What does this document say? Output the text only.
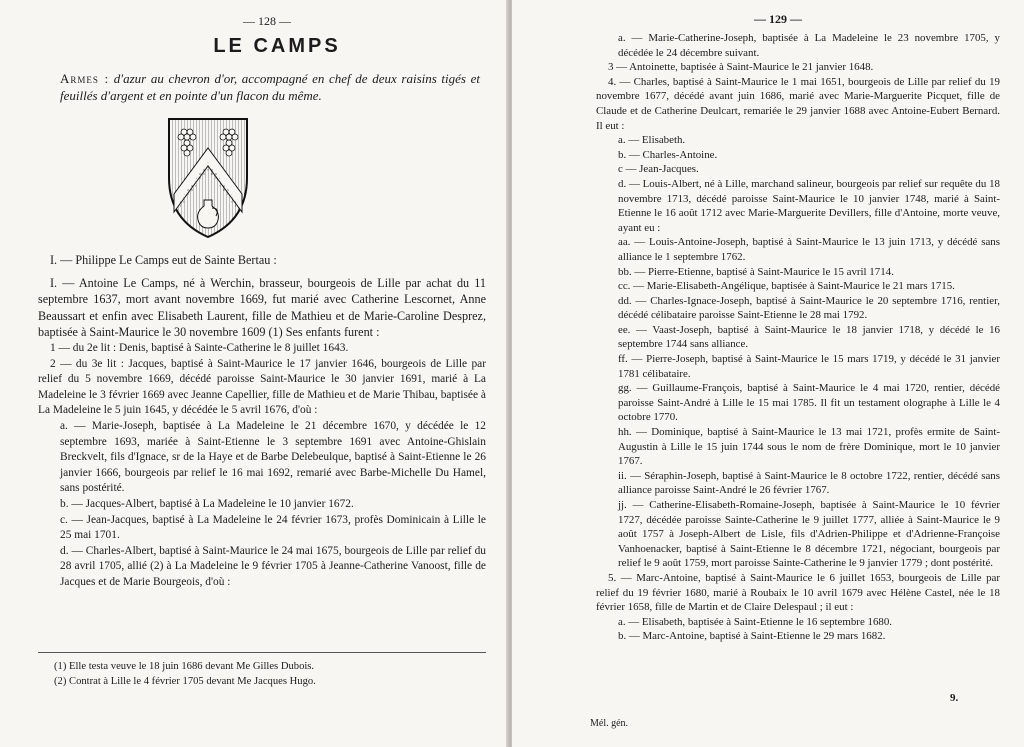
— 128 —

LE CAMPS

Armes : d'azur au chevron d'or, accompagné en chef de deux raisins tigés et feuillés d'argent et en pointe d'un flacon du même.

I. — Philippe Le Camps eut de Sainte Bertau :

I. — Antoine Le Camps, né à Werchin, brasseur, bourgeois de Lille par achat du 11 septembre 1637, mort avant novembre 1669, fut marié avec Catherine Lescornet, Anne Beaussart et enfin avec Elisabeth Laurent, fille de Mathieu et de Marie-Caroline Desprez, baptisée à Saint-Maurice le 30 novembre 1609 (1) Ses enfants furent :

1 — du 2e lit : Denis, baptisé à Sainte-Catherine le 8 juillet 1643.

2 — du 3e lit : Jacques, baptisé à Saint-Maurice le 17 janvier 1646, bourgeois de Lille par relief du 5 novembre 1669, décédé paroisse Saint-Maurice le 30 janvier 1691, marié à La Madeleine le 3 février 1669 avec Jeanne Capellier, fille de Mathieu et de Marie Thibau, baptisée à La Madeleine le 5 juin 1645, y décédée le 5 avril 1676, d'où :

a. — Marie-Joseph, baptisée à La Madeleine le 21 décembre 1670, y décédée le 12 septembre 1693, mariée à Saint-Etienne le 3 septembre 1691 avec Antoine-Ghislain Breckvelt, fils d'Ignace, sr de la Haye et de Barbe Delebeulque, baptisé à Saint-Etienne le 26 janvier 1666, bourgeois par relief le 16 mai 1692, remarié avec Barbe-Michelle Du Hamel, sans postérité.

b. — Jacques-Albert, baptisé à La Madeleine le 10 janvier 1672.

c. — Jean-Jacques, baptisé à La Madeleine le 24 février 1673, profès Dominicain à Lille le 25 mai 1701.

d. — Charles-Albert, baptisé à Saint-Maurice le 24 mai 1675, bourgeois de Lille par relief du 28 avril 1705, allié (2) à La Madeleine le 9 février 1705 à Jeanne-Catherine Vanoost, fille de Jacques et de Marie Bourgeois, d'où :

— 129 —

a. — Marie-Catherine-Joseph, baptisée à La Madeleine le 23 novembre 1705, y décédée le 24 décembre suivant.

3 — Antoinette, baptisée à Saint-Maurice le 21 janvier 1648.

4. — Charles, baptisé à Saint-Maurice le 1 mai 1651, bourgeois de Lille par relief du 19 novembre 1677, décédé avant juin 1686, marié avec Marie-Marguerite Picquet, fille de Claude et de Catherine Deulcart, remariée le 29 janvier 1688 avec Antoine-Eubert Bernard. Il eut :

a. — Elisabeth.

b. — Charles-Antoine.

c — Jean-Jacques.

d. — Louis-Albert, né à Lille, marchand salineur, bourgeois par relief sur requête du 18 novembre 1713, décédé paroisse Saint-Maurice le 10 janvier 1748, marié à Saint-Etienne le 16 août 1712 avec Marie-Marguerite Devillers, fille d'Antoine, morte veuve, ayant eu :

aa. — Louis-Antoine-Joseph, baptisé à Saint-Maurice le 13 juin 1713, y décédé sans alliance le 1 septembre 1762.

bb. — Pierre-Etienne, baptisé à Saint-Maurice le 15 avril 1714.

cc. — Marie-Elisabeth-Angélique, baptisée à Saint-Maurice le 21 mars 1715.

dd. — Charles-Ignace-Joseph, baptisé à Saint-Maurice le 20 septembre 1716, rentier, décédé célibataire paroisse Saint-Etienne le 28 mai 1792.

ee. — Vaast-Joseph, baptisé à Saint-Maurice le 18 janvier 1718, y décédé le 16 septembre 1744 sans alliance.

ff. — Pierre-Joseph, baptisé à Saint-Maurice le 15 mars 1719, y décédé le 31 janvier 1781 célibataire.

gg. — Guillaume-François, baptisé à Saint-Maurice le 4 mai 1720, rentier, décédé paroisse Saint-André à Lille le 15 mai 1785. Il fit un testament olographe à Lille le 4 octobre 1770.

hh. — Dominique, baptisé à Saint-Maurice le 13 mai 1721, profès ermite de Saint-Augustin à Lille le 15 juin 1744 sous le nom de frère Dominique, mort le 10 janvier 1767.

ii. — Séraphin-Joseph, baptisé à Saint-Maurice le 8 octobre 1722, rentier, décédé sans alliance paroisse Saint-André le 26 février 1767.

jj. — Catherine-Elisabeth-Romaine-Joseph, baptisée à Saint-Maurice le 10 février 1727, décédée paroisse Sainte-Catherine le 9 juillet 1777, alliée à Saint-Maurice le 9 août 1757 à Joseph-Albert de Lisle, fils d'Adrien-Philippe et d'Adrienne-Françoise Vanhoenacker, baptisé à Saint-Etienne le 8 décembre 1721, négociant, bourgeois par relief le 9 août 1759, mort paroisse Sainte-Catherine le 9 janvier 1779 ; dont postérité.

5. — Marc-Antoine, baptisé à Saint-Maurice le 6 juillet 1653, bourgeois de Lille par relief du 19 février 1680, marié à Roubaix le 10 avril 1679 avec Hélène Castel, née le 18 février 1658, fille de Martin et de Claire Delespaul ; il eut :

a. — Elisabeth, baptisée à Saint-Etienne le 16 septembre 1680.

b. — Marc-Antoine, baptisé à Saint-Etienne le 29 mars 1682.

(1) Elle testa veuve le 18 juin 1686 devant Me Gilles Dubois.
(2) Contrat à Lille le 4 février 1705 devant Me Jacques Hugo.
Mél. gén.
9.
